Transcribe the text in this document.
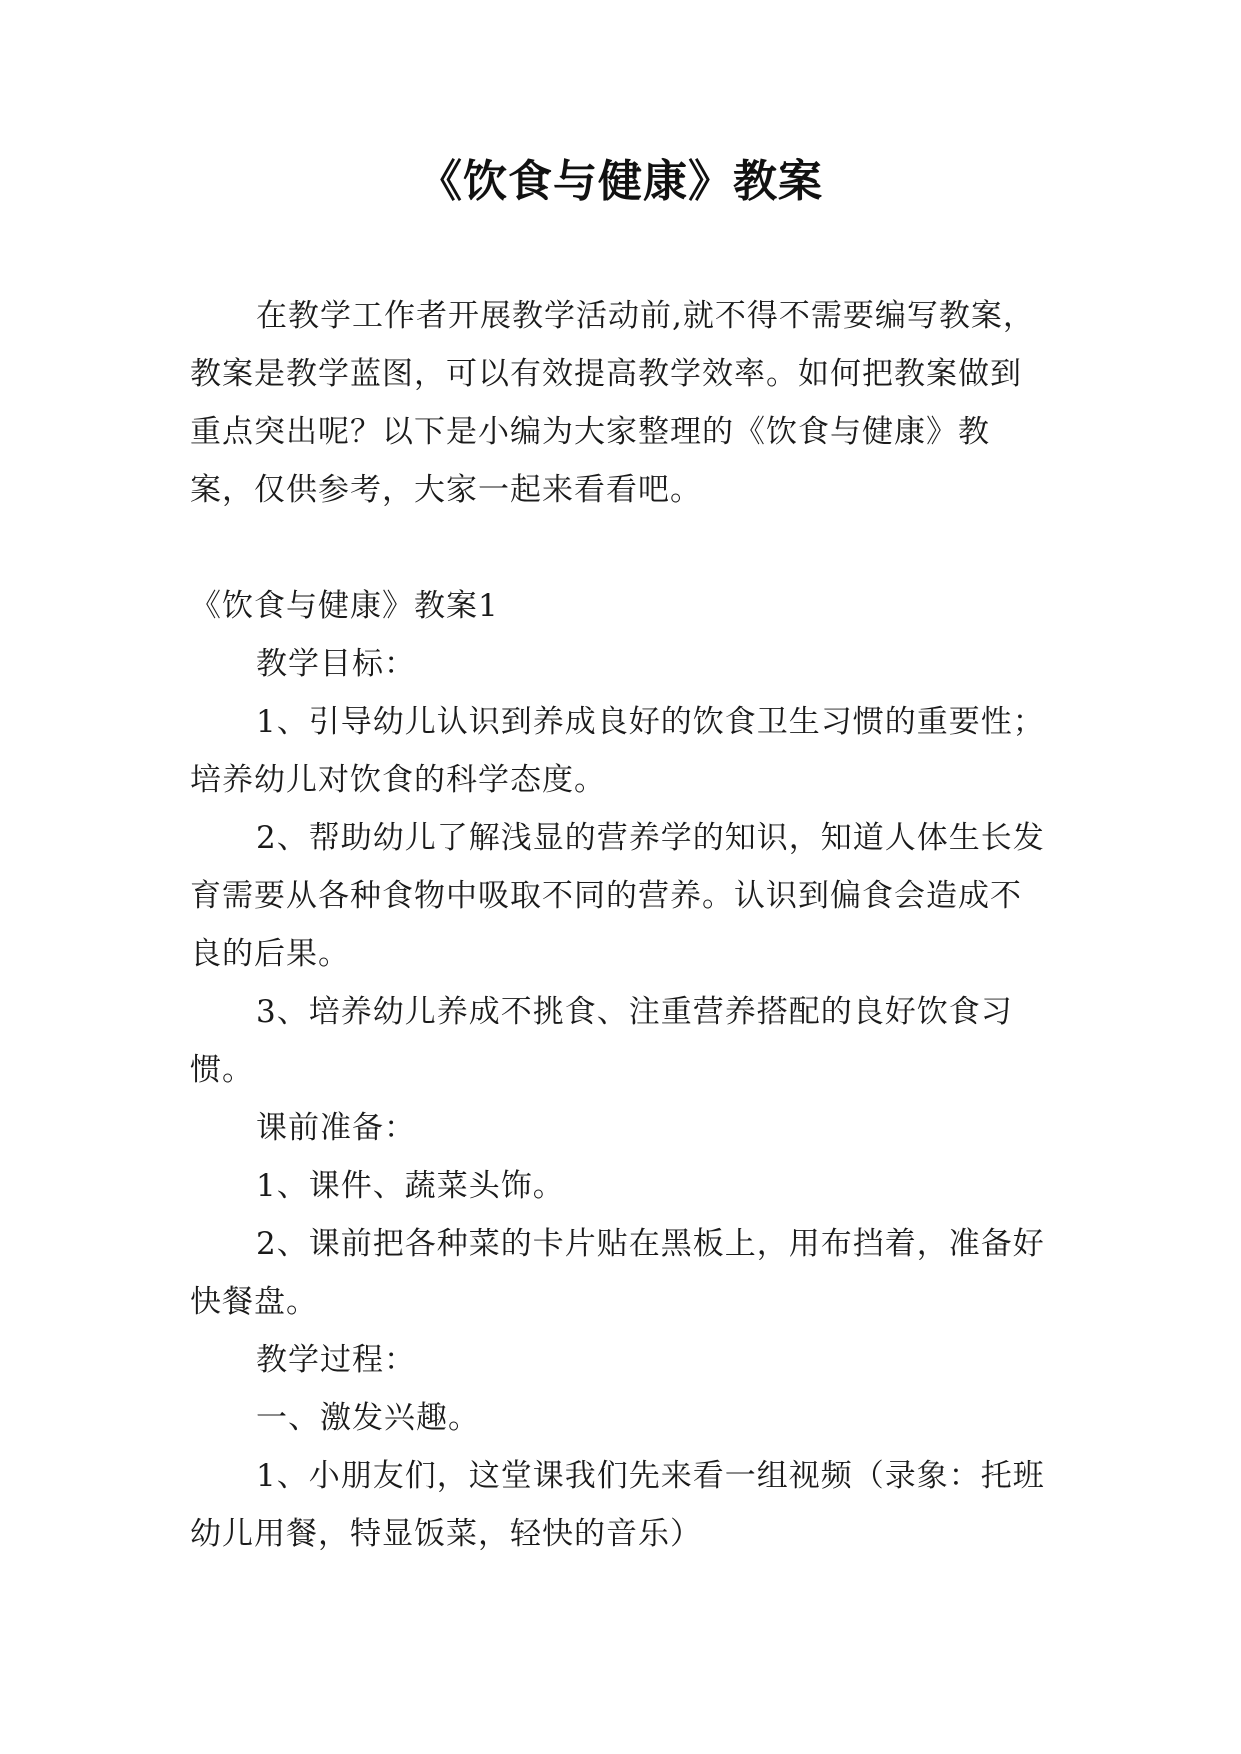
《饮食与健康》教案
在教学工作者开展教学活动前,就不得不需要编写教案，教案是教学蓝图，可以有效提高教学效率。如何把教案做到重点突出呢？以下是小编为大家整理的《饮食与健康》教案，仅供参考，大家一起来看看吧。

《饮食与健康》教案1

教学目标：

1、引导幼儿认识到养成良好的饮食卫生习惯的重要性；培养幼儿对饮食的科学态度。

2、帮助幼儿了解浅显的营养学的知识，知道人体生长发育需要从各种食物中吸取不同的营养。认识到偏食会造成不良的后果。

3、培养幼儿养成不挑食、注重营养搭配的良好饮食习惯。

课前准备：

1、课件、蔬菜头饰。

2、课前把各种菜的卡片贴在黑板上，用布挡着，准备好快餐盘。

教学过程：

一、激发兴趣。

1、小朋友们，这堂课我们先来看一组视频（录象：托班幼儿用餐，特显饭菜，轻快的音乐）
